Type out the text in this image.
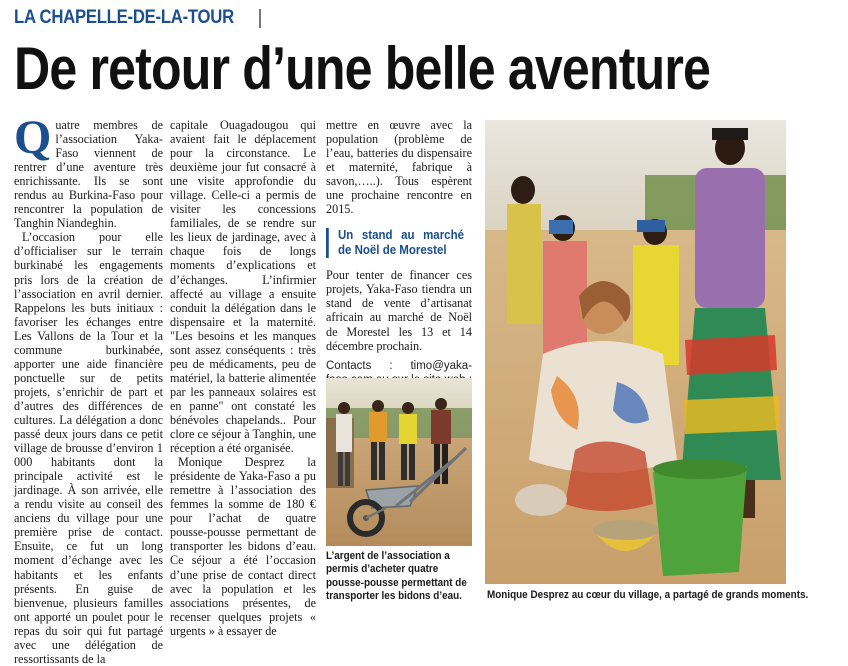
LA CHAPELLE-DE-LA-TOUR
De retour d’une belle aventure

Quatre membres de l’association Yaka-Faso viennent de rentrer d’une aventure très enrichissante. Ils se sont rendus au Burkina-Faso pour rencontrer la population de Tanghin Niandeghin.

L’occasion pour elle d’officialiser sur le terrain burkinabé les engagements pris lors de la création de l’association en avril dernier. Rappelons les buts initiaux : favoriser les échanges entre Les Vallons de la Tour et la commune burkinabée, apporter une aide financière ponctuelle sur de petits projets, s’enrichir de part et d’autres des différences de cultures. La délégation a donc passé deux jours dans ce petit village de brousse d’environ 1 000 habitants dont la principale activité est le jardinage. À son arrivée, elle a rendu visite au conseil des anciens du village pour une première prise de contact. Ensuite, ce fut un long moment d’échange avec les habitants et les enfants présents. En guise de bienvenue, plusieurs familles ont apporté un poulet pour le repas du soir qui fut partagé avec une délégation de ressortissants de la

capitale Ouagadougou qui avaient fait le déplacement pour la circonstance. Le deuxième jour fut consacré à une visite approfondie du village. Celle-ci a permis de visiter les concessions familiales, de se rendre sur les lieux de jardinage, avec à chaque fois de longs moments d’explications et d’échanges. L’infirmier affecté au village a ensuite conduit la délégation dans le dispensaire et la maternité. "Les besoins et les manques sont assez conséquents : très peu de médicaments, peu de matériel, la batterie alimentée par les panneaux solaires est en panne" ont constaté les bénévoles chapelands.. Pour clore ce séjour à Tanghin, une réception a été organisée.

Monique Desprez la présidente de Yaka-Faso a pu remettre à l’association des femmes la somme de 180 € pour l’achat de quatre pousse-pousse permettant de transporter les bidons d’eau. Ce séjour a été l’occasion d’une prise de contact direct avec la population et les associations présentes, de recenser quelques projets « urgents » à essayer de

mettre en œuvre avec la population (problème de l’eau, batteries du dispensaire et maternité, fabrique à savon,…..). Tous espèrent une prochaine rencontre en 2015.

Un stand au marché de Noël de Morestel

Pour tenter de financer ces projets, Yaka-Faso tiendra un stand de vente d’artisanat africain au marché de Noël de Morestel les 13 et 14 décembre prochain.

Contacts : timo@yaka-
L’argent de l’association a permis d’acheter quatre pousse-pousse permettant de transporter les bidons d’eau.	Monique Desprez au cœur du village, a partagé de grands moments.
